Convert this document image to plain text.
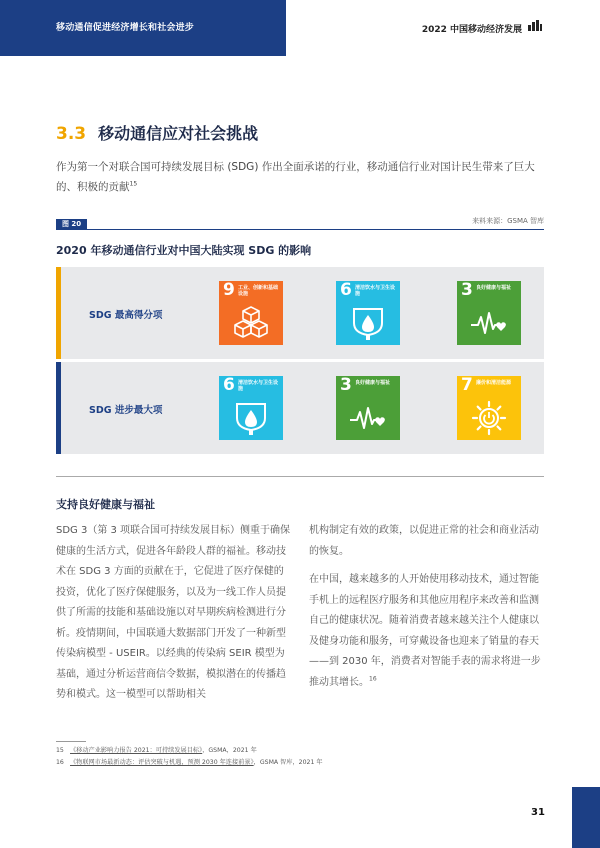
移动通信促进经济增长和社会进步	2022 中国移动经济发展
3.3 移动通信应对社会挑战

作为第一个对联合国可持续发展目标 (SDG) 作出全面承诺的行业，移动通信行业对国计民生带来了巨大的、积极的贡献$^{15}$

来料来源：GSMA 智库
图 20
2020 年移动通信行业对中国大陆实现 SDG 的影响
SDG 最高得分项
9 工业、创新和基础设施	6 清洁饮水与卫生设施	3 良好健康与福祉
SDG 进步最大项
6 清洁饮水与卫生设施	3 良好健康与福祉	7 廉价和清洁能源
支持良好健康与福祉

SDG 3（第 3 项联合国可持续发展目标）侧重于确保健康的生活方式，促进各年龄段人群的福祉。移动技术在 SDG 3 方面的贡献在于，它促进了医疗保健的投资，优化了医疗保健服务，以及为一线工作人员提供了所需的技能和基础设施以对早期疾病检测进行分析。疫情期间，中国联通大数据部门开发了一种新型传染病模型 - USEIR。以经典的传染病 SEIR 模型为基础，通过分析运营商信令数据，模拟潜在的传播趋势和模式。这一模型可以帮助相关

机构制定有效的政策，以促进正常的社会和商业活动的恢复。

在中国，越来越多的人开始使用移动技术，通过智能手机上的远程医疗服务和其他应用程序来改善和监测自己的健康状况。随着消费者越来越关注个人健康以及健身功能和服务，可穿戴设备也迎来了销量的春天——到 2030 年，消费者对智能手表的需求将进一步推动其增长。$^{16}$

15 《移动产业影响力报告 2021：可持续发展目标》，GSMA，2021 年
16 《物联网市场最新动态：评估突破与机遇，预测 2030 年连接前景》，GSMA 智库，2021 年
31
